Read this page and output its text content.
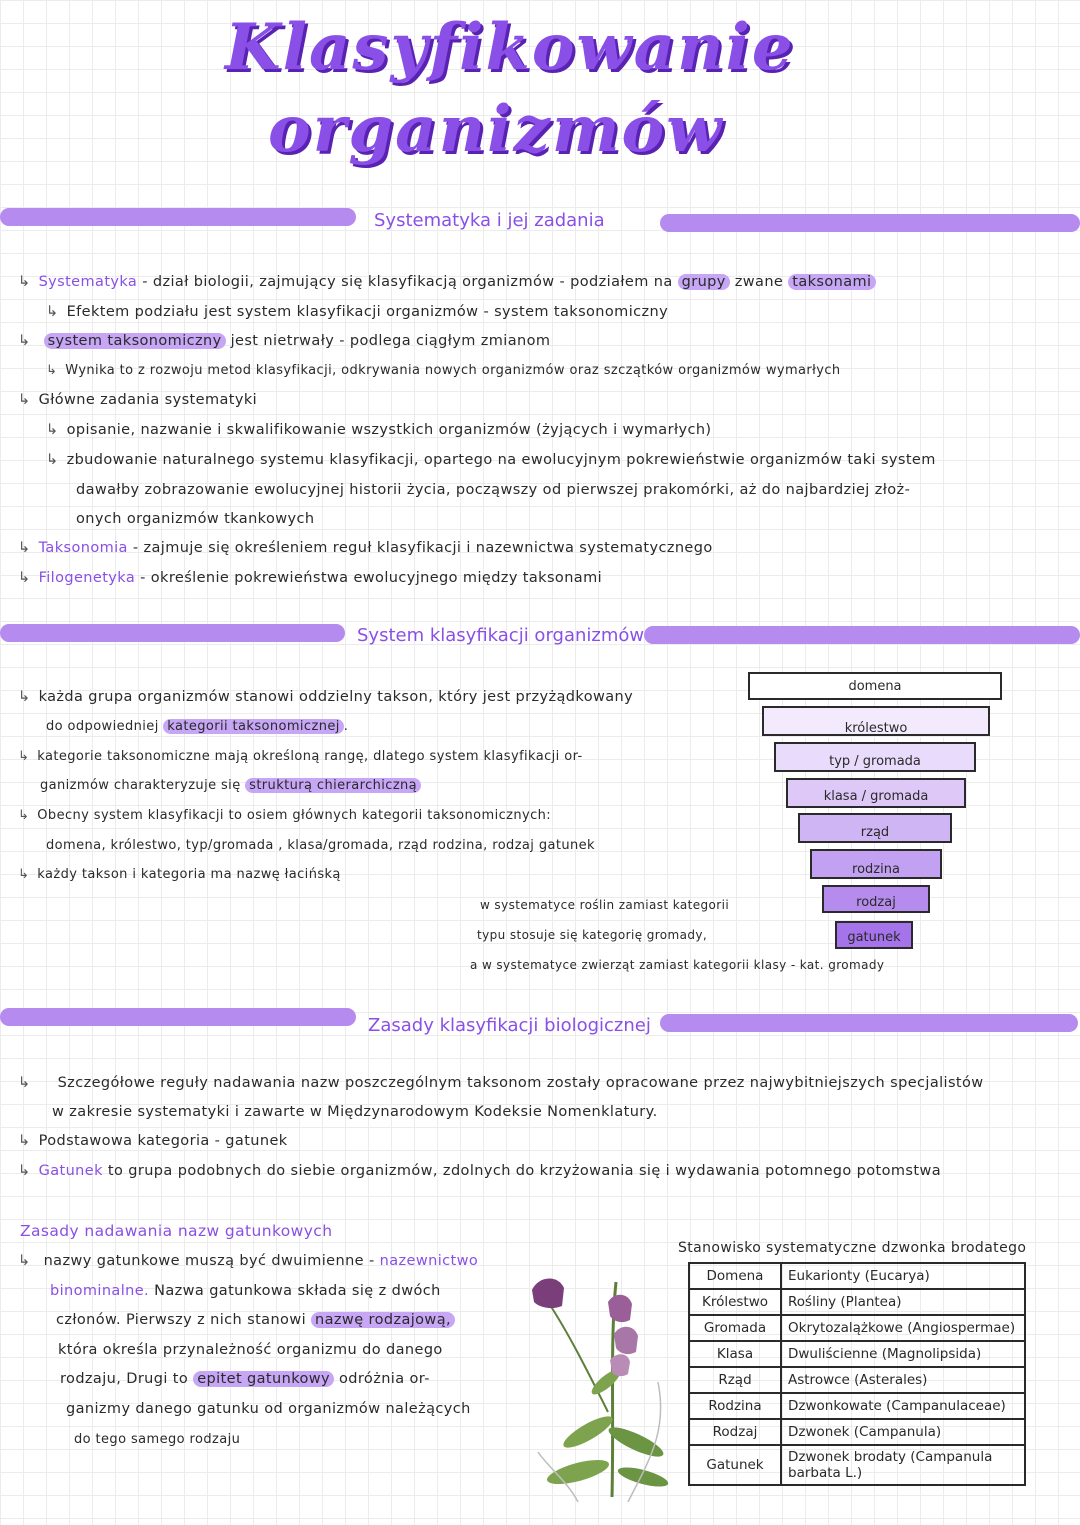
Klasyfikowanie
organizmów
Systematyka i jej zadania
↳ Systematyka - dział biologii, zajmujący się klasyfikacją organizmów - podziałem na grupy zwane taksonami
↳ Efektem podziału jest system klasyfikacji organizmów - system taksonomiczny
↳ system taksonomiczny jest nietrwały - podlega ciągłym zmianom
↳ Wynika to z rozwoju metod klasyfikacji, odkrywania nowych organizmów oraz szczątków organizmów wymarłych
↳ Główne zadania systematyki
↳ opisanie, nazwanie i skwalifikowanie wszystkich organizmów (żyjących i wymarłych)
↳ zbudowanie naturalnego systemu klasyfikacji, opartego na ewolucyjnym pokrewieństwie organizmów taki system
dawałby zobrazowanie ewolucyjnej historii życia, począwszy od pierwszej prakomórki, aż do najbardziej złoż-
onych organizmów tkankowych
↳ Taksonomia - zajmuje się określeniem reguł klasyfikacji i nazewnictwa systematycznego
↳ Filogenetyka - określenie pokrewieństwa ewolucyjnego między taksonami
System klasyfikacji organizmów
↳ każda grupa organizmów stanowi oddzielny takson, który jest przyżądkowany
do odpowiedniej kategorii taksonomicznej .
↳ kategorie taksonomiczne mają określoną rangę, dlatego system klasyfikacji or-
ganizmów charakteryzuje się strukturą chierarchiczną
↳ Obecny system klasyfikacji to osiem głównych kategorii taksonomicznych:
domena, królestwo, typ/gromada , klasa/gromada, rząd rodzina, rodzaj gatunek
↳ każdy takson i kategoria ma nazwę łacińską
w systematyce roślin zamiast kategorii
typu stosuje się kategorię gromady,
a w systematyce zwierząt zamiast kategorii klasy - kat. gromady
domena
królestwo
typ / gromada
klasa / gromada
rząd
rodzina
rodzaj
gatunek
Zasady klasyfikacji biologicznej
↳ Szczegółowe reguły nadawania nazw poszczególnym taksonom zostały opracowane przez najwybitniejszych specjalistów
w zakresie systematyki i zawarte w Międzynarodowym Kodeksie Nomenklatury.
↳ Podstawowa kategoria - gatunek
↳ Gatunek to grupa podobnych do siebie organizmów, zdolnych do krzyżowania się i wydawania potomnego potomstwa
Zasady nadawania nazw gatunkowych
↳ nazwy gatunkowe muszą być dwuimienne - nazewnictwo
binominalne. Nazwa gatunkowa składa się z dwóch
członów. Pierwszy z nich stanowi nazwę rodzajową,
która określa przynależność organizmu do danego
rodzaju, Drugi to epitet gatunkowy odróżnia or-
ganizmy danego gatunku od organizmów należących
do tego samego rodzaju
Stanowisko systematyczne dzwonka brodatego
Domena	Eukarionty (Eucarya)
Królestwo	Rośliny (Plantea)
Gromada	Okrytozalążkowe (Angiospermae)
Klasa	Dwuliścienne (Magnolipsida)
Rząd	Astrowce (Asterales)
Rodzina	Dzwonkowate (Campanulaceae)
Rodzaj	Dzwonek (Campanula)
Gatunek	Dzwonek brodaty (Campanula barbata L.)
